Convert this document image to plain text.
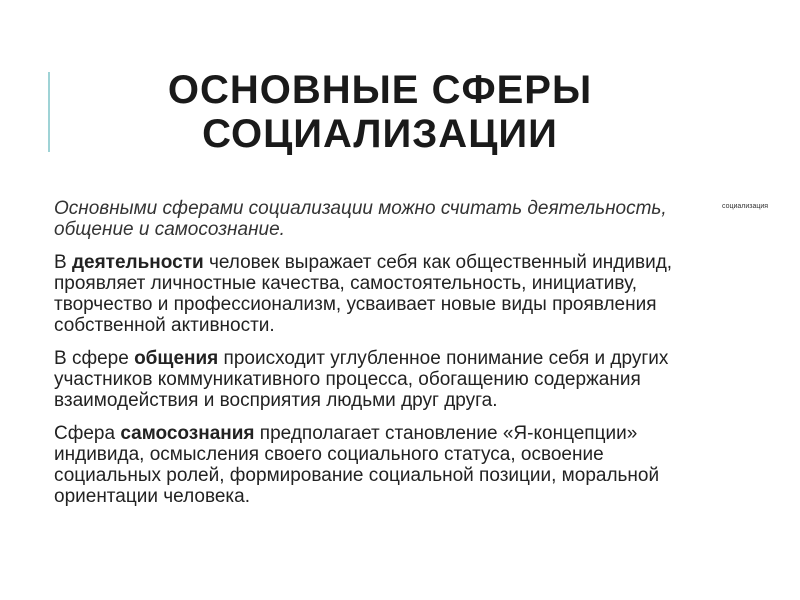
ОСНОВНЫЕ СФЕРЫ
СОЦИАЛИЗАЦИИ
социализация

Основными сферами социализации можно считать деятельность, общение и самосознание.

В деятельности человек выражает себя как общественный индивид, проявляет личностные качества, самостоятельность, инициативу, творчество и профессионализм, усваивает новые виды проявления собственной активности.

В сфере общения происходит углубленное понимание себя и других участников коммуникативного процесса, обогащению содержания взаимодействия и восприятия людьми друг друга.

Сфера самосознания предполагает становление «Я-концепции» индивида, осмысления своего социального статуса, освоение социальных ролей, формирование социальной позиции, моральной ориентации человека.
